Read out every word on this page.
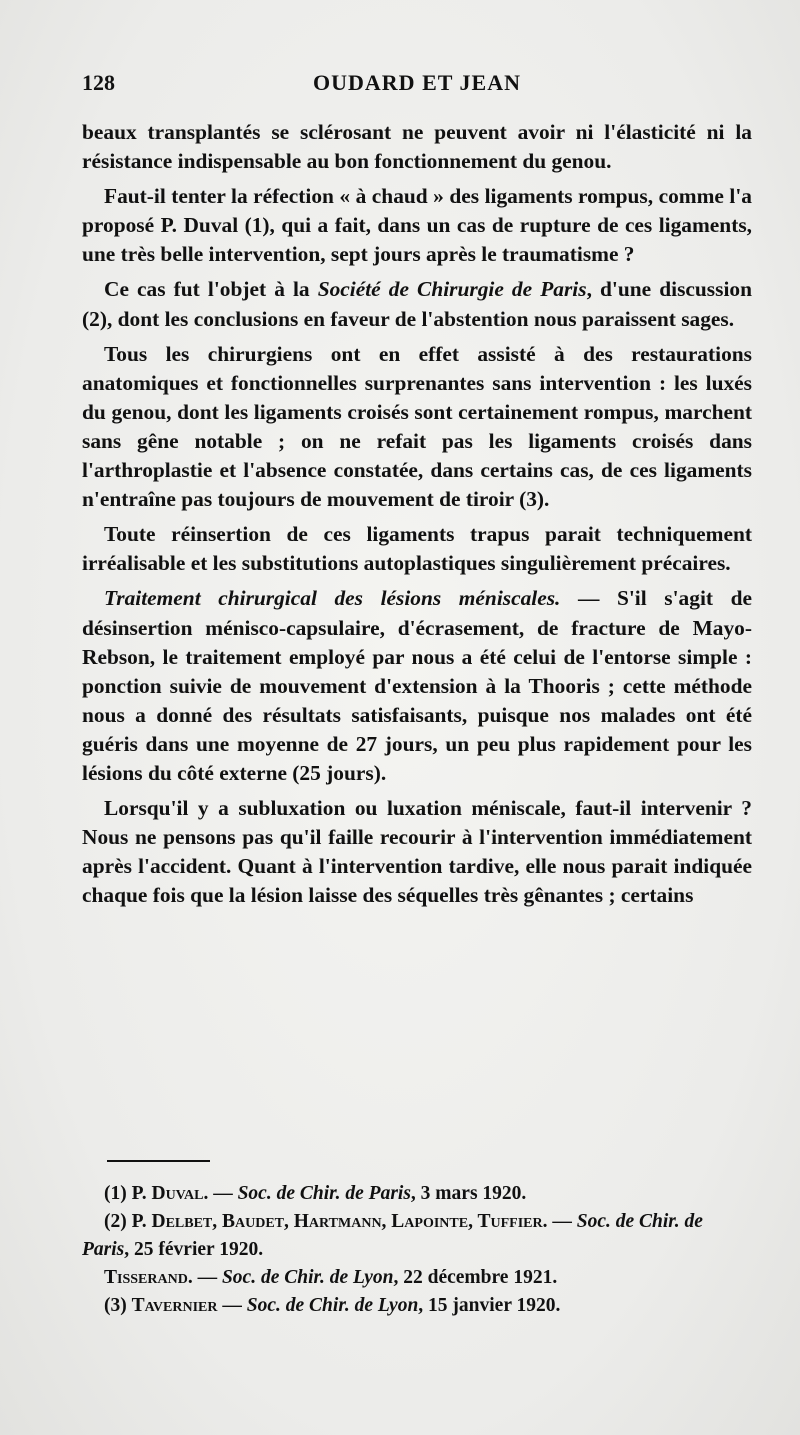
128	OUDARD ET JEAN

beaux transplantés se sclérosant ne peuvent avoir ni l'élasticité ni la résistance indispensable au bon fonctionnement du genou.

Faut-il tenter la réfection « à chaud » des ligaments rompus, comme l'a proposé P. Duval (1), qui a fait, dans un cas de rupture de ces ligaments, une très belle intervention, sept jours après le traumatisme ?

Ce cas fut l'objet à la Société de Chirurgie de Paris, d'une discussion (2), dont les conclusions en faveur de l'abstention nous paraissent sages.

Tous les chirurgiens ont en effet assisté à des restaurations anatomiques et fonctionnelles surprenantes sans intervention : les luxés du genou, dont les ligaments croisés sont certainement rompus, marchent sans gêne notable ; on ne refait pas les ligaments croisés dans l'arthroplastie et l'absence constatée, dans certains cas, de ces ligaments n'entraîne pas toujours de mouvement de tiroir (3).

Toute réinsertion de ces ligaments trapus parait techniquement irréalisable et les substitutions autoplastiques singulièrement précaires.

Traitement chirurgical des lésions méniscales. — S'il s'agit de désinsertion ménisco-capsulaire, d'écrasement, de fracture de Mayo-Rebson, le traitement employé par nous a été celui de l'entorse simple : ponction suivie de mouvement d'extension à la Thooris ; cette méthode nous a donné des résultats satisfaisants, puisque nos malades ont été guéris dans une moyenne de 27 jours, un peu plus rapidement pour les lésions du côté externe (25 jours).

Lorsqu'il y a subluxation ou luxation méniscale, faut-il intervenir ? Nous ne pensons pas qu'il faille recourir à l'intervention immédiatement après l'accident. Quant à l'intervention tardive, elle nous parait indiquée chaque fois que la lésion laisse des séquelles très gênantes ; certains

(1) P. Duval. — Soc. de Chir. de Paris, 3 mars 1920.

(2) P. Delbet, Baudet, Hartmann, Lapointe, Tuffier. — Soc. de Chir. de Paris, 25 février 1920.

Tisserand. — Soc. de Chir. de Lyon, 22 décembre 1921.

(3) Tavernier — Soc. de Chir. de Lyon, 15 janvier 1920.
